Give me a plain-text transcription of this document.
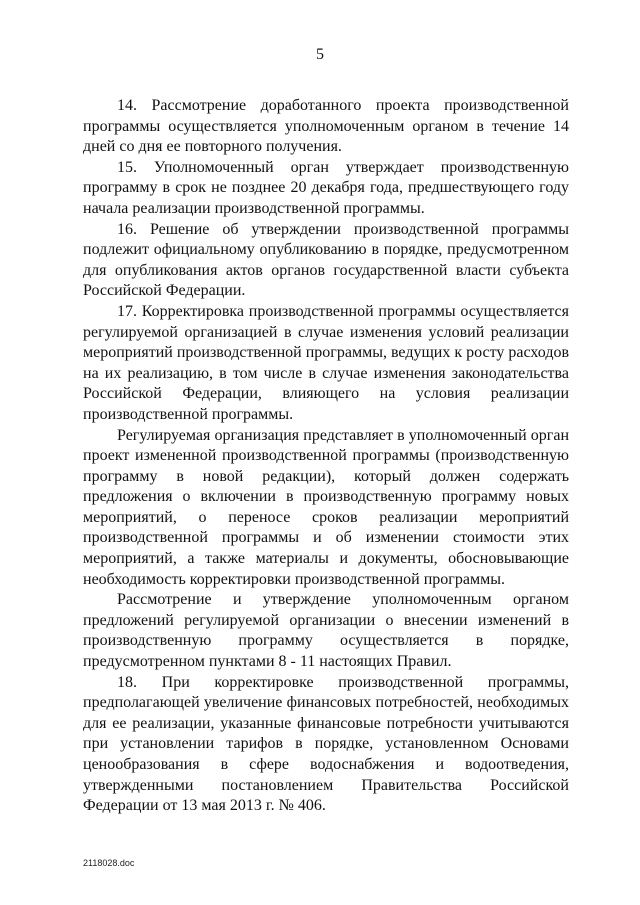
5

14. Рассмотрение доработанного проекта производственной программы осуществляется уполномоченным органом в течение 14 дней со дня ее повторного получения.

15. Уполномоченный орган утверждает производственную программу в срок не позднее 20 декабря года, предшествующего году начала реализации производственной программы.

16. Решение об утверждении производственной программы подлежит официальному опубликованию в порядке, предусмотренном для опубликования актов органов государственной власти субъекта Российской Федерации.

17. Корректировка производственной программы осуществляется регулируемой организацией в случае изменения условий реализации мероприятий производственной программы, ведущих к росту расходов на их реализацию, в том числе в случае изменения законодательства Российской Федерации, влияющего на условия реализации производственной программы.

Регулируемая организация представляет в уполномоченный орган проект измененной производственной программы (производственную программу в новой редакции), который должен содержать предложения о включении в производственную программу новых мероприятий, о переносе сроков реализации мероприятий производственной программы и об изменении стоимости этих мероприятий, а также материалы и документы, обосновывающие необходимость корректировки производственной программы.

Рассмотрение и утверждение уполномоченным органом предложений регулируемой организации о внесении изменений в производственную программу осуществляется в порядке, предусмотренном пунктами 8 - 11 настоящих Правил.

18. При корректировке производственной программы, предполагающей увеличение финансовых потребностей, необходимых для ее реализации, указанные финансовые потребности учитываются при установлении тарифов в порядке, установленном Основами ценообразования в сфере водоснабжения и водоотведения, утвержденными постановлением Правительства Российской Федерации от 13 мая 2013 г. № 406.

2118028.doc
